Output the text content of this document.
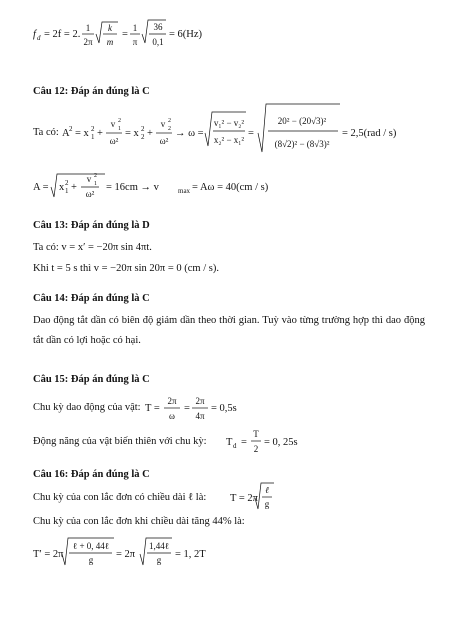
f d = 2f = 2.
1
2π
k
m
=
1
π
36
0,1
= 6(Hz)
Câu 12: Đáp án đúng là C
Ta có: A 2 = x 2
1 +
v 2
1
ω²
= x 2
2 +
v 2
2
ω²
→ ω =
v₁² − v₂²
x₂² − x₁²
=
20² − (20√3)²
(8√2)² − (8√3)²
= 2,5(rad / s)
A = x 2
1 +
v 2
1
ω²
= 16cm → v	max = Aω = 40(cm / s)
Câu 13: Đáp án đúng là D
Ta có: v = x′ = −20π sin 4πt.
Khi t = 5 s thì v = −20π sin 20π = 0 (cm / s).
Câu 14: Đáp án đúng là C
Dao động tắt dần có biên độ giảm dần theo thời gian. Tuỳ vào từng trường hợp thì dao động tắt dần có lợi hoặc có hại.
Câu 15: Đáp án đúng là C
Chu kỳ dao động của vật: T =
2π
ω
=
2π
4π
= 0,5s
Động năng của vật biến thiên với chu kỳ: T d =
T
2
= 0, 25s
Câu 16: Đáp án đúng là C
Chu kỳ của con lắc đơn có chiều dài ℓ là: T = 2π
ℓ
g
Chu kỳ của con lắc đơn khi chiều dài tăng 44% là:
T′ = 2π
ℓ + 0, 44ℓ
g = 2π
1,44ℓ
g = 1, 2T
